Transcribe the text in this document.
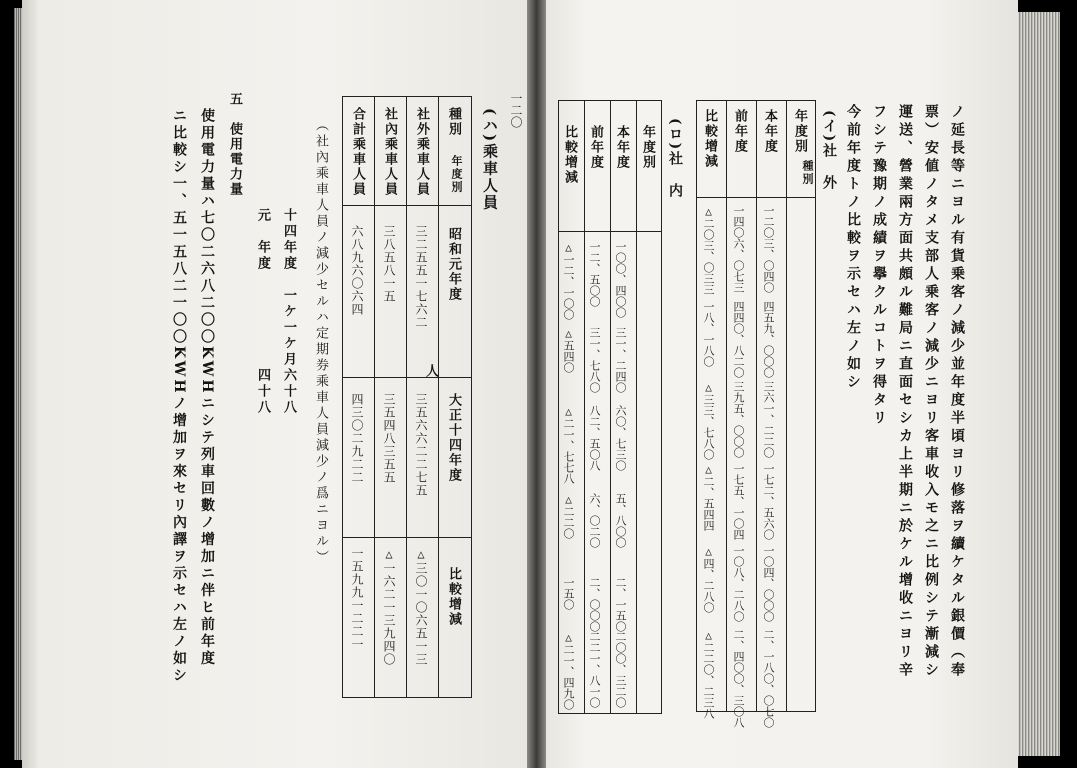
一二〇
(ハ)乘車人員
種別
年度別
社外乘車人員
社內乘車人員
合計乘車人員
昭和元年度
大正十四年度
比較增減
三二五五一七六二
三八五八一五
六八九六〇六四
三五六六二二七五
三五四八三五五
四三〇二九二二
△三〇一〇六五一三
△一六二一三九四〇
一五九九一二二一
人
（社內乘車人員ノ減少セルハ定期券乘車人員減少ノ爲ニヨル）
十四年度　一ケ一ケ月六十八
元　年度　　　　　　四十八
五　使用電力量
使用電力量ハ七〇二六八二〇〇KWHニシテ列車回數ノ增加ニ伴ヒ前年度
ニ比較シ一、五一五八二一〇〇KWHノ增加ヲ來セリ內譯ヲ示セハ左ノ如シ	ノ延長等ニヨル有貨乗客ノ減少並年度半頃ヨリ修落ヲ續ケタル銀價（奉
票）安値ノタメ支部人乗客ノ減少ニヨリ客車收入モ之ニ比例シテ漸減シ
運送、營業兩方面共頗ル難局ニ直面セシカ上半期ニ於ケル增收ニヨリ辛
フシテ豫期ノ成績ヲ擧クルコトヲ得タリ
今前年度トノ比較ヲ示セハ左ノ如シ
(イ)社　外
年度別
本年度
前年度
比較增減
一二〇三、〇四〇
一四〇六、〇七三
△二〇三、〇三三
四五九、〇〇〇
四四〇、八二〇
一八、一八〇
三六一、二二〇
三九五、〇〇〇
△三三、七八〇
一七二、五六〇
一七五、一〇四
△二、五四四
一〇四、〇〇〇
一〇八、二八〇
△四、二八〇
二、一八〇、〇七〇
二、四〇〇、三〇八
△二二〇、二三八
種別
(ロ)社　内
年度別
本年度
前年度
比較增減
一〇〇、四〇〇
一二、五〇〇
△一二、一〇〇
三一、二四〇
三一、七八〇
△五四〇
六〇、七三〇
八二、五〇八
△二一、七七八
五、八〇〇
六、〇二〇
△二二〇
二、一五〇
二、〇〇〇
一五〇
二〇〇、三二〇
二二一、八一〇
△二一、四九〇
